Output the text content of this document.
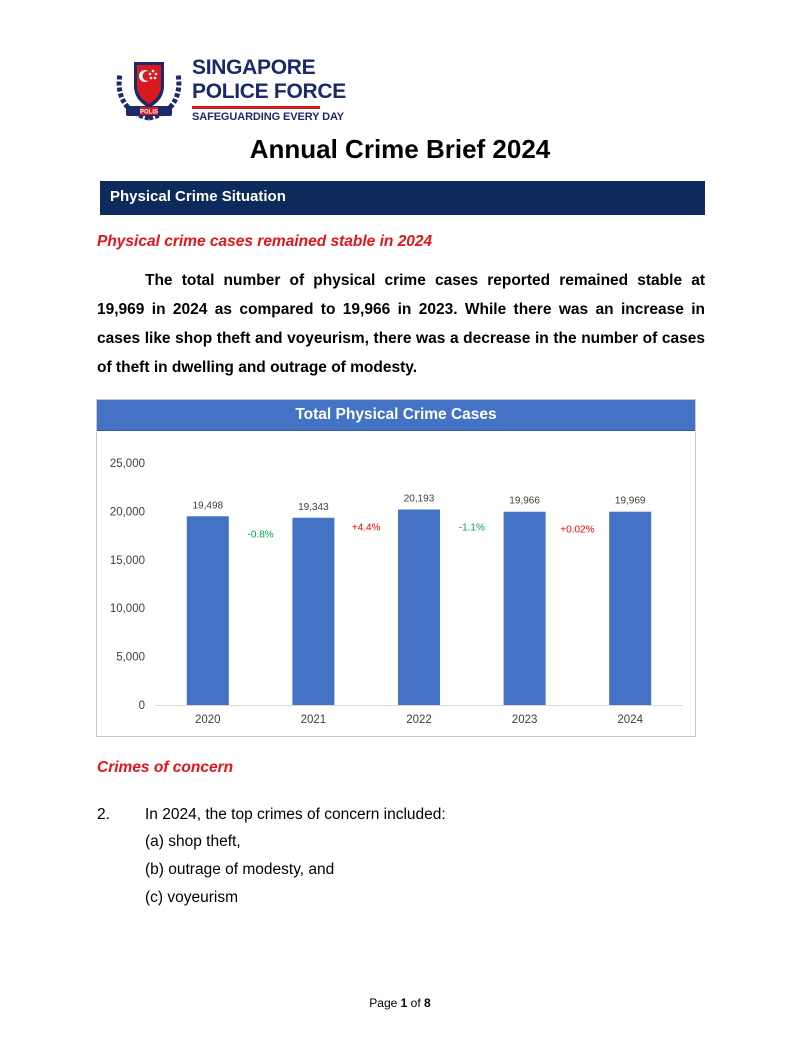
POLIS
SINGAPORE
POLICE FORCE
SAFEGUARDING EVERY DAY
Annual Crime Brief 2024
Physical Crime Situation
Physical crime cases remained stable in 2024

The total number of physical crime cases reported remained stable at 19,969 in 2024 as compared to 19,966 in 2023. While there was an increase in cases like shop theft and voyeurism, there was a decrease in the number of cases of theft in dwelling and outrage of modesty.

Total Physical Crime Cases
0
5,000
10,000
15,000
20,000
25,000
19,498
2020
19,343
2021
20,193
2022
19,966
2023
19,969
2024
-0.8%
+4.4%	-1.1%	+0.02%
Crimes of concern
2. In 2024, the top crimes of concern included:
(a) shop theft,
(b) outrage of modesty, and
(c) voyeurism
Page 1 of 8
